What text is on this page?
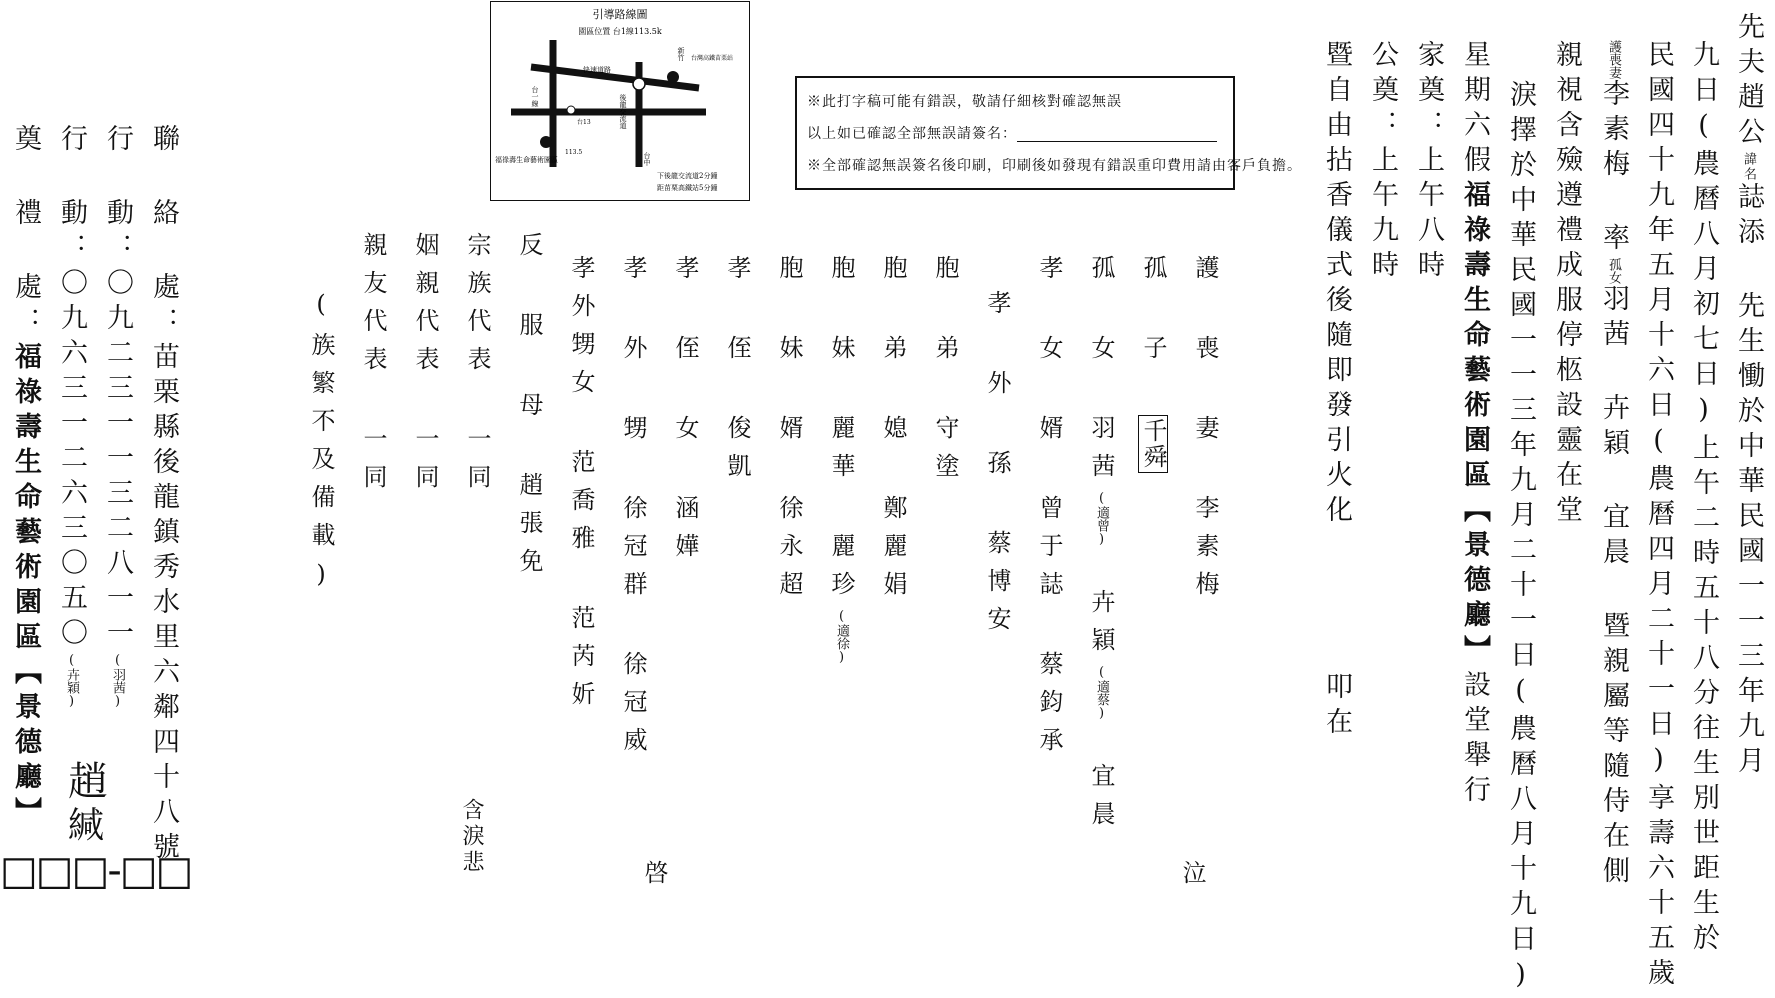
先夫趙公諱名誌添 先生慟於中華民國一一三年九月
九日(農曆八月初七日)上午二時五十八分往生別世距生於
民國四十九年五月十六日(農曆四月二十一日)享壽六十五歲
護喪妻李素梅 率孤女羽茜 卉穎 宜晨 暨親屬等隨侍在側
親視含殮遵禮成服停柩設靈在堂
淚擇於中華民國一一三年九月二十一日(農曆八月十九日)
星期六假福祿壽生命藝術園區【景德廳】設堂舉行
家奠：上午八時
公奠：上午九時
暨自由拈香儀式後隨即發引火化
叩在
※此打字稿可能有錯誤，敬請仔細核對確認無誤
以上如已確認全部無誤請簽名：
※全部確認無誤簽名後印刷，印刷後如發現有錯誤重印費用請由客戶負擔。
護 喪 妻 李素梅
孤 子 千舜
孤 女 羽茜(適曾) 卉穎(適蔡) 宜晨
孝 女 婿 曾于誌 蔡鈞承
孝 外 孫 蔡博安
胞 弟 守塗
胞 弟 媳 鄭麗娟
胞 妹 麗華 麗珍(適徐)
胞 妹 婿 徐永超
孝 侄 俊凱
孝 侄 女 涵嬅
孝 外 甥 徐冠群 徐冠威
孝外甥女 范喬雅 范芮妡
反 服 母 趙張免
宗族代表 一同
姻親代表 一同
親友代表 一同
(族繁不及備載)
泣
啓
含淚悲
聯 絡 處：苗栗縣後龍鎮秀水里六鄰四十八號
行 動：〇九二三一一三二八一一(羽茜)
行 動：〇九六三一二六三〇五〇(卉穎)
奠 禮 處：福祿壽生命藝術園區【景德廳】 趙
緘
□□□-□□
引導路線圖
園區位置 台1線113.5k
快速道路
台一線
台13	後龍交流道
台中
113.5
新竹 台灣高鐵苗栗站
福祿壽生命藝術園區
下後龍交流道2分鐘
距苗栗高鐵站5分鐘
